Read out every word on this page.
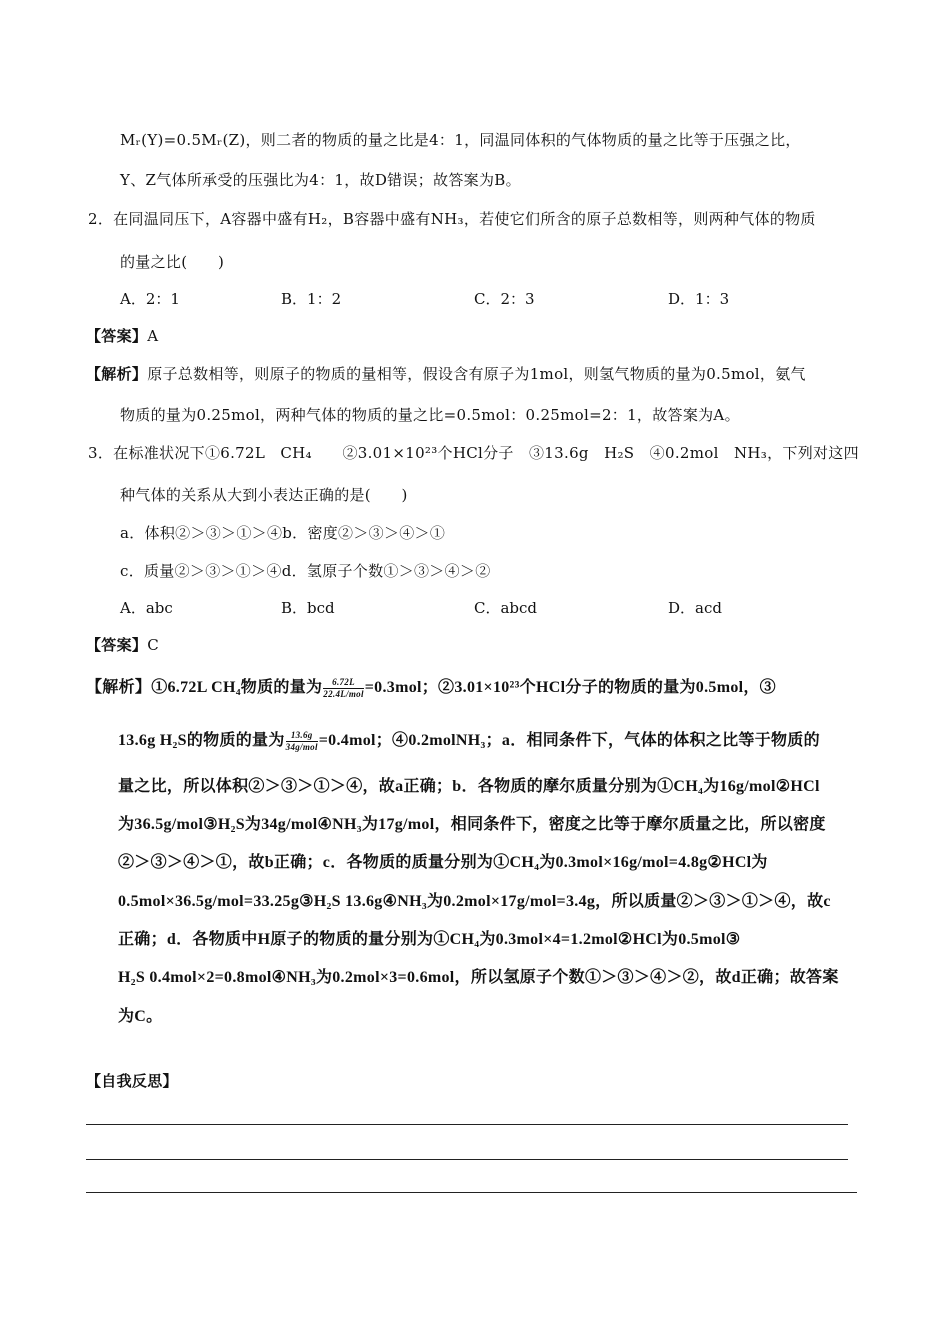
Mᵣ(Y)=0.5Mᵣ(Z)，则二者的物质的量之比是4：1，同温同体积的气体物质的量之比等于压强之比，
Y、Z气体所承受的压强比为4：1，故D错误；故答案为B。
2．在同温同压下，A容器中盛有H₂，B容器中盛有NH₃，若使它们所含的原子总数相等，则两种气体的物质
的量之比(　　)
A．2：1	B．1：2	C．2：3	D．1：3
【答案】A
【解析】原子总数相等，则原子的物质的量相等，假设含有原子为1mol，则氢气物质的量为0.5mol，氨气
物质的量为0.25mol，两种气体的物质的量之比=0.5mol：0.25mol=2：1，故答案为A。
3．在标准状况下①6.72L　CH₄　　②3.01×10²³个HCl分子　③13.6g　H₂S　④0.2mol　NH₃，下列对这四
种气体的关系从大到小表达正确的是(　　)
a．体积②＞③＞①＞④b．密度②＞③＞④＞①
c．质量②＞③＞①＞④d．氢原子个数①＞③＞④＞②
A．abc	B．bcd	C．abcd	D．acd
【答案】C
【解析】①6.72L CH₄物质的量为 $\frac{6.72L}{\text{22.4L/mol}} =0.3mol$；②3.01×10²³个HCl分子的物质的量为0.5mol，③
13.6g H₂S的物质的量为 $\frac{13.6g}{\text{34g/mol}} =0.4mol$；④0.2molNH₃；a．相同条件下，气体的体积之比等于物质的
量之比，所以体积②＞③＞①＞④，故a正确；b．各物质的摩尔质量分别为①CH₄为16g/mol②HCl
为36.5g/mol③H₂S为34g/mol④NH₃为17g/mol，相同条件下，密度之比等于摩尔质量之比，所以密度
②＞③＞④＞①，故b正确；c．各物质的质量分别为①CH₄为0.3mol×16g/mol=4.8g②HCl为
0.5mol×36.5g/mol=33.25g③H₂S 13.6g④NH₃为0.2mol×17g/mol=3.4g，所以质量②＞③＞①＞④，故c
正确；d．各物质中H原子的物质的量分别为①CH₄为0.3mol×4=1.2mol②HCl为0.5mol③
H₂S 0.4mol×2=0.8mol④NH₃为0.2mol×3=0.6mol，所以氢原子个数①＞③＞④＞②，故d正确；故答案
为C。
【自我反思】
